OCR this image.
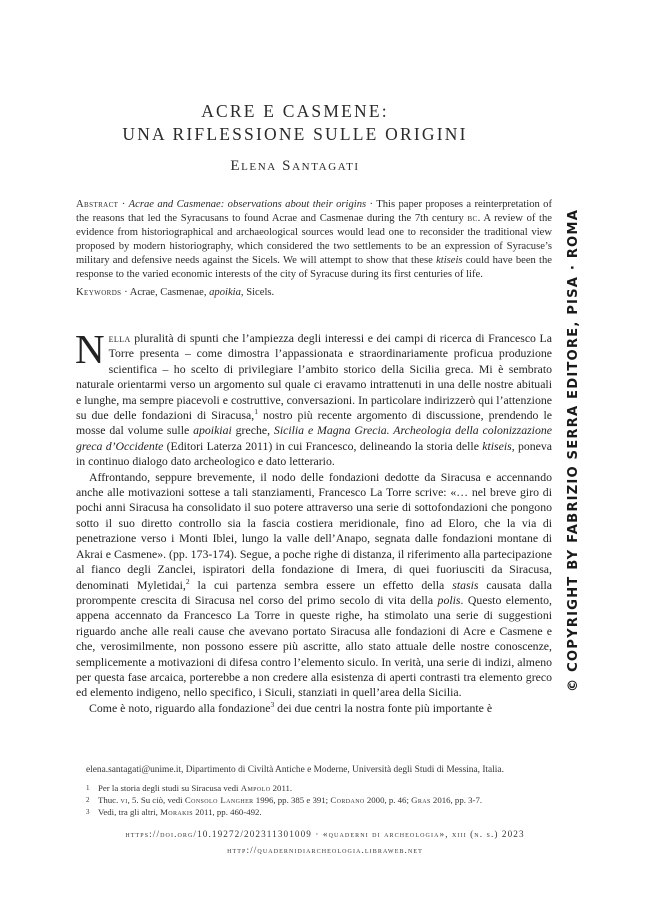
ACRE E CASMENE:
UNA RIFLESSIONE SULLE ORIGINI
Elena Santagati

Abstract · Acrae and Casmenae: observations about their origins · This paper proposes a reinterpretation of the reasons that led the Syracusans to found Acrae and Casmenae during the 7th century bc. A review of the evidence from historiographical and archaeological sources would lead one to reconsider the traditional view proposed by modern historiography, which considered the two settlements to be an expression of Syracuse’s military and defensive needs against the Sicels. We will attempt to show that these ktiseis could have been the response to the varied economic interests of the city of Syracuse during its first centuries of life.

Keywords · Acrae, Casmenae, apoikia, Sicels.

Nella pluralità di spunti che l’ampiezza degli interessi e dei campi di ricerca di Francesco La Torre presenta – come dimostra l’appassionata e straordinariamente proficua produzione scientifica – ho scelto di privilegiare l’ambito storico della Sicilia greca. Mi è sembrato naturale orientarmi verso un argomento sul quale ci eravamo intrattenuti in una delle nostre abituali e lunghe, ma sempre piacevoli e costruttive, conversazioni. In particolare indirizzerò qui l’attenzione su due delle fondazioni di Siracusa,$^1$ nostro più recente argomento di discussione, prendendo le mosse dal volume sulle apoikiai greche, Sicilia e Magna Grecia. Archeologia della colonizzazione greca d’Occidente (Editori Laterza 2011) in cui Francesco, delineando la storia delle ktiseis, poneva in continuo dialogo dato archeologico e dato letterario.

Affrontando, seppure brevemente, il nodo delle fondazioni dedotte da Siracusa e accennando anche alle motivazioni sottese a tali stanziamenti, Francesco La Torre scrive: «… nel breve giro di pochi anni Siracusa ha consolidato il suo potere attraverso una serie di sottofondazioni che pongono sotto il suo diretto controllo sia la fascia costiera meridionale, fino ad Eloro, che la via di penetrazione verso i Monti Iblei, lungo la valle dell’Anapo, segnata dalle fondazioni montane di Akrai e Casmene». (pp. 173-174). Segue, a poche righe di distanza, il riferimento alla partecipazione al fianco degli Zanclei, ispiratori della fondazione di Imera, di quei fuoriusciti da Siracusa, denominati Myletidai,$^2$ la cui partenza sembra essere un effetto della stasis causata dalla prorompente crescita di Siracusa nel corso del primo secolo di vita della polis. Questo elemento, appena accennato da Francesco La Torre in queste righe, ha stimolato una serie di suggestioni riguardo anche alle reali cause che avevano portato Siracusa alle fondazioni di Acre e Casmene e che, verosimilmente, non possono essere più ascritte, allo stato attuale delle nostre conoscenze, semplicemente a motivazioni di difesa contro l’elemento siculo. In verità, una serie di indizi, almeno per questa fase arcaica, porterebbe a non credere alla esistenza di aperti contrasti tra elemento greco ed elemento indigeno, nello specifico, i Siculi, stanziati in quell’area della Sicilia.

Come è noto, riguardo alla fondazione$^3$ dei due centri la nostra fonte più importante è

elena.santagati@unime.it, Dipartimento di Civiltà Antiche e Moderne, Università degli Studi di Messina, Italia.
1 Per la storia degli studi su Siracusa vedi Ampolo 2011.
2 Thuc. vi, 5. Su ciò, vedi Consolo Langher 1996, pp. 385 e 391; Cordano 2000, p. 46; Gras 2016, pp. 3-7.
3 Vedi, tra gli altri, Morakis 2011, pp. 460-492.
https://doi.org/10.19272/202311301009 · «quaderni di archeologia», xiii (n. s.) 2023
http://quadernidiarcheologia.libraweb.net
© COPYRIGHT BY FABRIZIO SERRA EDITORE, PISA · ROMA
